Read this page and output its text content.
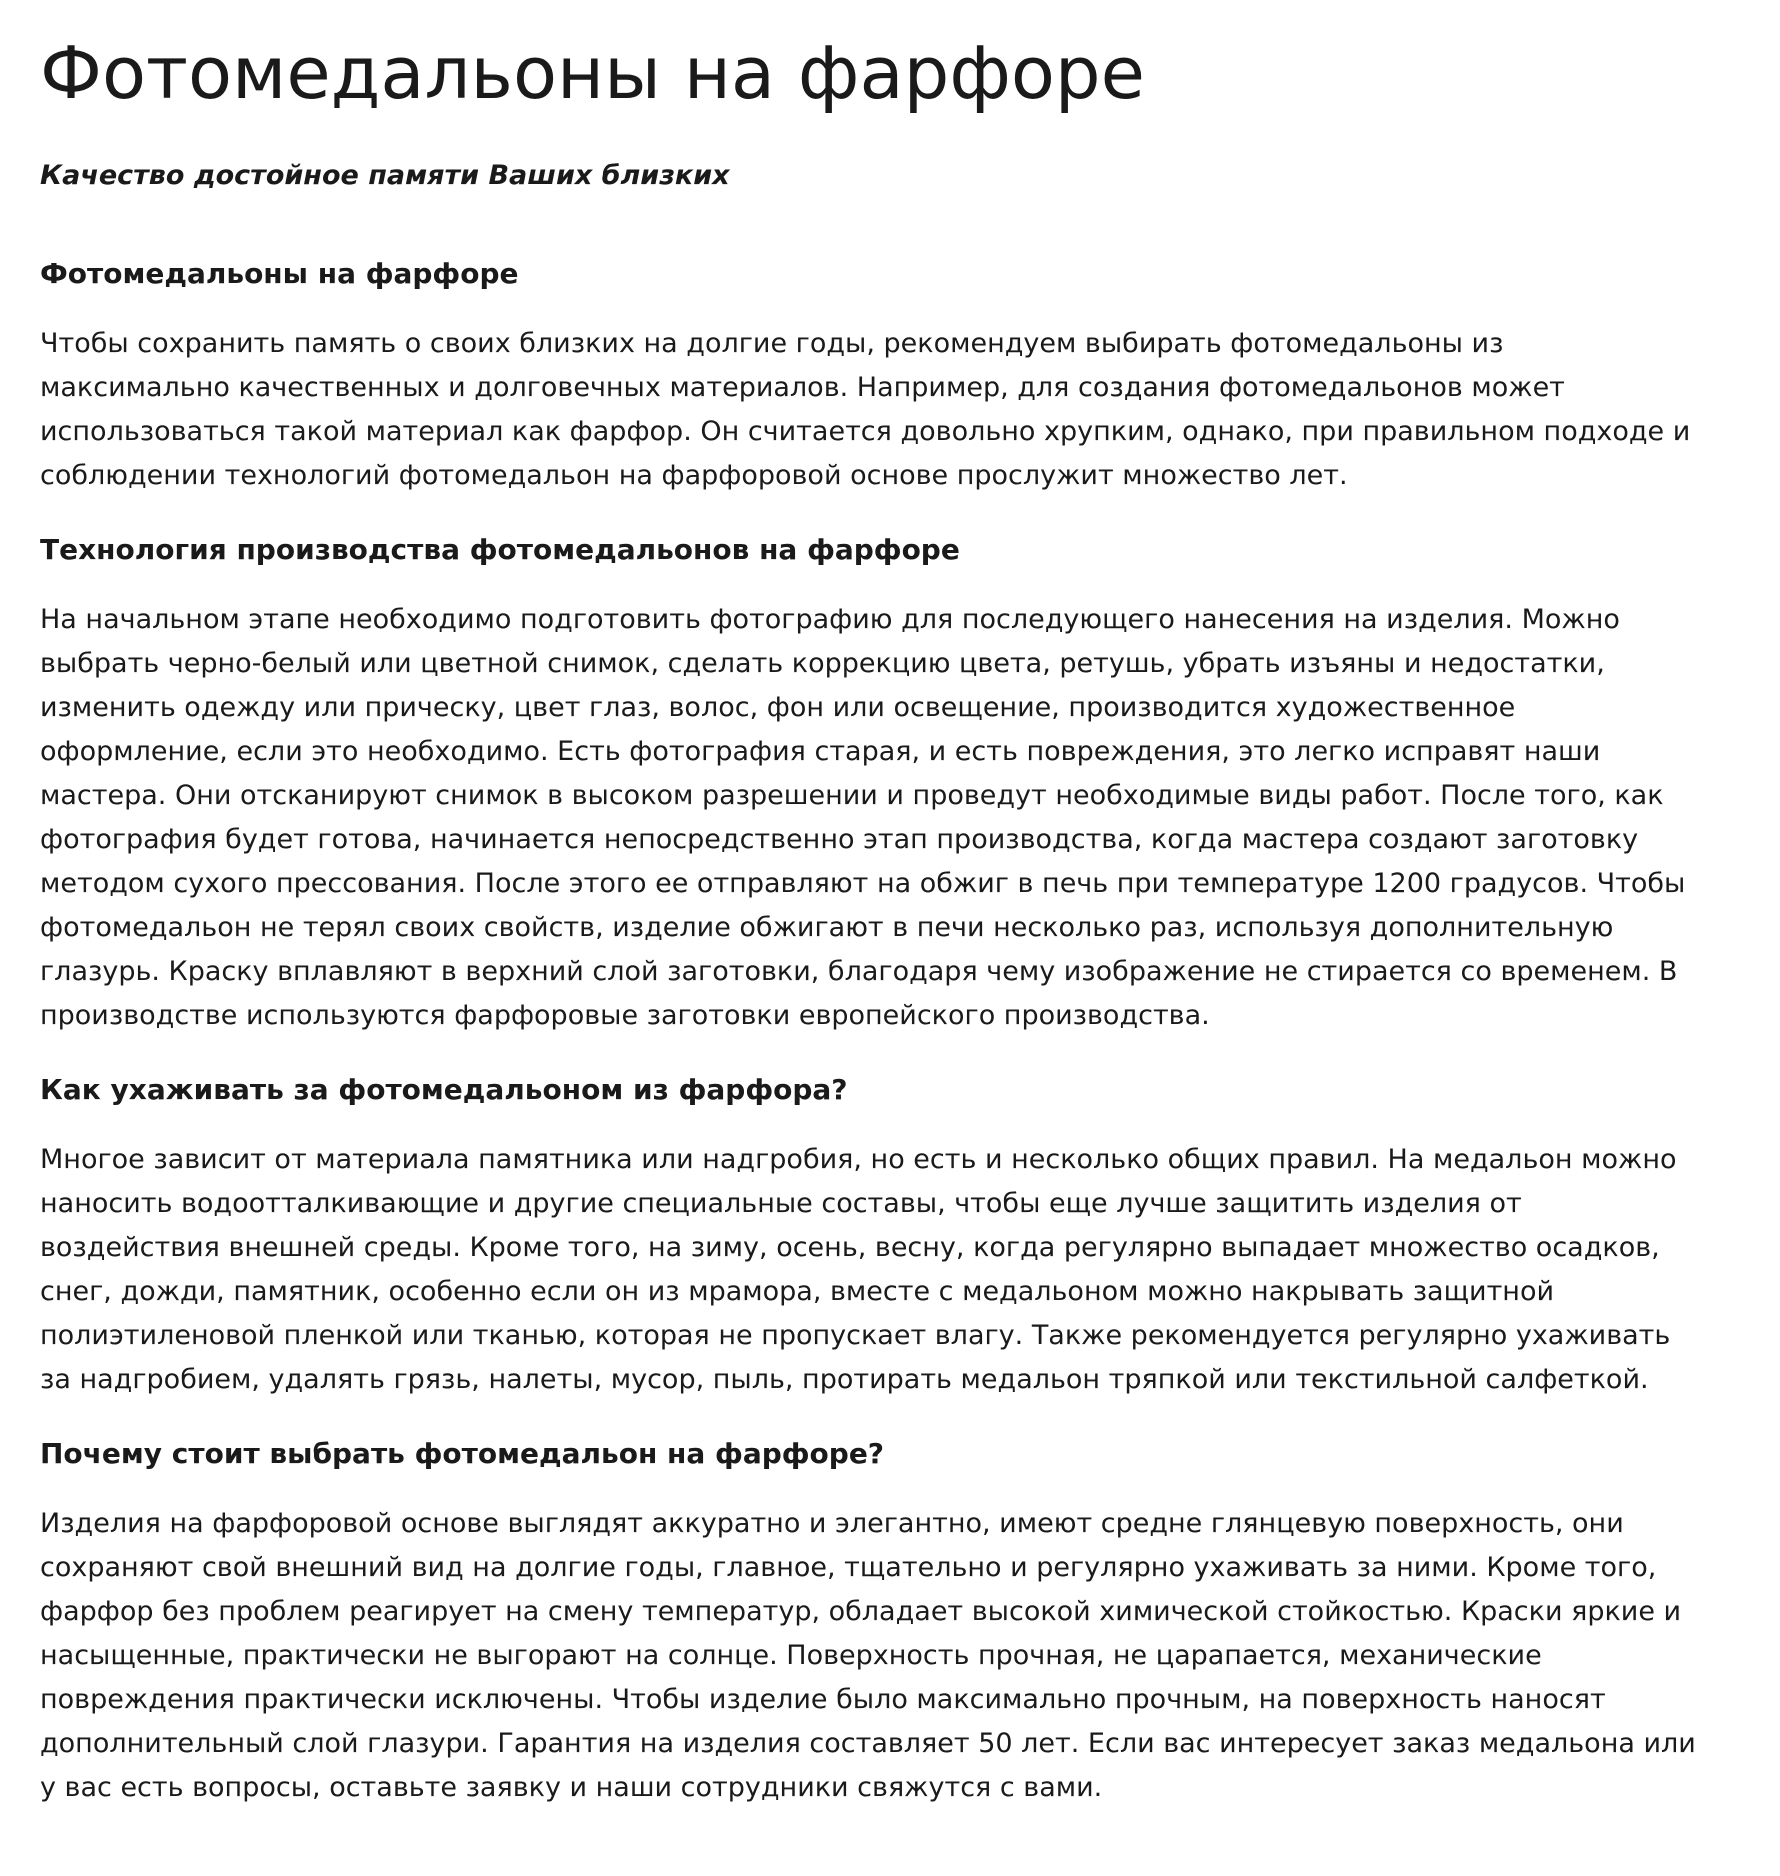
Фотомедальоны на фарфоре

Качество достойное памяти Ваших близких

Фотомедальоны на фарфоре

Чтобы сохранить память о своих близких на долгие годы, рекомендуем выбирать фотомедальоны из максимально качественных и долговечных материалов. Например, для создания фотомедальонов может использоваться такой материал как фарфор. Он считается довольно хрупким, однако, при правильном подходе и соблюдении технологий фотомедальон на фарфоровой основе прослужит множество лет.

Технология производства фотомедальонов на фарфоре

На начальном этапе необходимо подготовить фотографию для последующего нанесения на изделия. Можно выбрать черно-белый или цветной снимок, сделать коррекцию цвета, ретушь, убрать изъяны и недостатки, изменить одежду или прическу, цвет глаз, волос, фон или освещение, производится художественное оформление, если это необходимо. Есть фотография старая, и есть повреждения, это легко исправят наши мастера. Они отсканируют снимок в высоком разрешении и проведут необходимые виды работ. После того, как фотография будет готова, начинается непосредственно этап производства, когда мастера создают заготовку методом сухого прессования. После этого ее отправляют на обжиг в печь при температуре 1200 градусов. Чтобы фотомедальон не терял своих свойств, изделие обжигают в печи несколько раз, используя дополнительную глазурь. Краску вплавляют в верхний слой заготовки, благодаря чему изображение не стирается со временем. В производстве используются фарфоровые заготовки европейского производства.

Как ухаживать за фотомедальоном из фарфора?

Многое зависит от материала памятника или надгробия, но есть и несколько общих правил. На медальон можно наносить водоотталкивающие и другие специальные составы, чтобы еще лучше защитить изделия от воздействия внешней среды. Кроме того, на зиму, осень, весну, когда регулярно выпадает множество осадков, снег, дожди, памятник, особенно если он из мрамора, вместе с медальоном можно накрывать защитной полиэтиленовой пленкой или тканью, которая не пропускает влагу. Также рекомендуется регулярно ухаживать за надгробием, удалять грязь, налеты, мусор, пыль, протирать медальон тряпкой или текстильной салфеткой.

Почему стоит выбрать фотомедальон на фарфоре?

Изделия на фарфоровой основе выглядят аккуратно и элегантно, имеют средне глянцевую поверхность, они сохраняют свой внешний вид на долгие годы, главное, тщательно и регулярно ухаживать за ними. Кроме того, фарфор без проблем реагирует на смену температур, обладает высокой химической стойкостью. Краски яркие и насыщенные, практически не выгорают на солнце. Поверхность прочная, не царапается, механические повреждения практически исключены. Чтобы изделие было максимально прочным, на поверхность наносят дополнительный слой глазури. Гарантия на изделия составляет 50 лет. Если вас интересует заказ медальона или у вас есть вопросы, оставьте заявку и наши сотрудники свяжутся с вами.
